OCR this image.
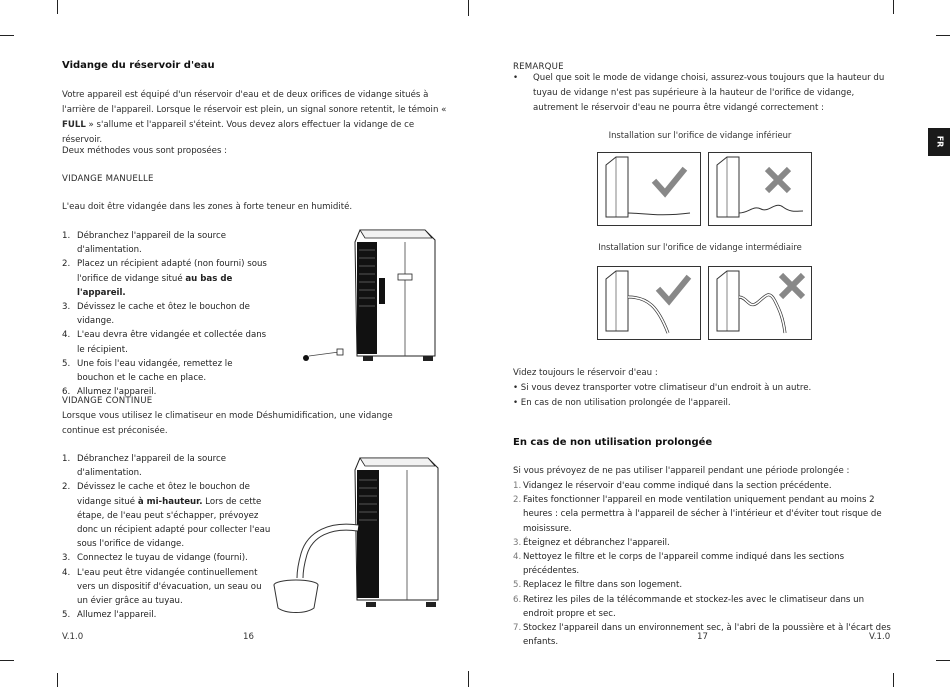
Vidange du réservoir d'eau
Votre appareil est équipé d'un réservoir d'eau et de deux orifices de vidange situés à l'arrière de l'appareil. Lorsque le réservoir est plein, un signal sonore retentit, le témoin « FULL » s'allume et l'appareil s'éteint. Vous devez alors effectuer la vidange de ce réservoir.
Deux méthodes vous sont proposées :
VIDANGE MANUELLE
L'eau doit être vidangée dans les zones à forte teneur en humidité.
1. Débranchez l'appareil de la source d'alimentation.
2. Placez un récipient adapté (non fourni) sous l'orifice de vidange situé au bas de l'appareil.
3. Dévissez le cache et ôtez le bouchon de vidange.
4. L'eau devra être vidangée et collectée dans le récipient.
5. Une fois l'eau vidangée, remettez le bouchon et le cache en place.
6. Allumez l'appareil.
VIDANGE CONTINUE
Lorsque vous utilisez le climatiseur en mode Déshumidification, une vidange continue est préconisée.
1. Débranchez l'appareil de la source d'alimentation.
2. Dévissez le cache et ôtez le bouchon de vidange situé à mi-hauteur. Lors de cette étape, de l'eau peut s'échapper, prévoyez donc un récipient adapté pour collecter l'eau sous l'orifice de vidange.
3. Connectez le tuyau de vidange (fourni).
4. L'eau peut être vidangée continuellement vers un dispositif d'évacuation, un seau ou un évier grâce au tuyau.
5. Allumez l'appareil.
V.1.0	16
REMARQUE
• Quel que soit le mode de vidange choisi, assurez-vous toujours que la hauteur du tuyau de vidange n'est pas supérieure à la hauteur de l'orifice de vidange, autrement le réservoir d'eau ne pourra être vidangé correctement :
Installation sur l'orifice de vidange inférieur
Installation sur l'orifice de vidange intermédiaire
Videz toujours le réservoir d'eau :
• Si vous devez transporter votre climatiseur d'un endroit à un autre.
• En cas de non utilisation prolongée de l'appareil.
En cas de non utilisation prolongée
Si vous prévoyez de ne pas utiliser l'appareil pendant une période prolongée :
1. Vidangez le réservoir d'eau comme indiqué dans la section précédente.
2. Faites fonctionner l'appareil en mode ventilation uniquement pendant au moins 2 heures : cela permettra à l'appareil de sécher à l'intérieur et d'éviter tout risque de moisissure.
3. Éteignez et débranchez l'appareil.
4. Nettoyez le filtre et le corps de l'appareil comme indiqué dans les sections précédentes.
5. Replacez le filtre dans son logement.
6. Retirez les piles de la télécommande et stockez-les avec le climatiseur dans un endroit propre et sec.
7. Stockez l'appareil dans un environnement sec, à l'abri de la poussière et à l'écart des enfants.
17	V.1.0
FR
